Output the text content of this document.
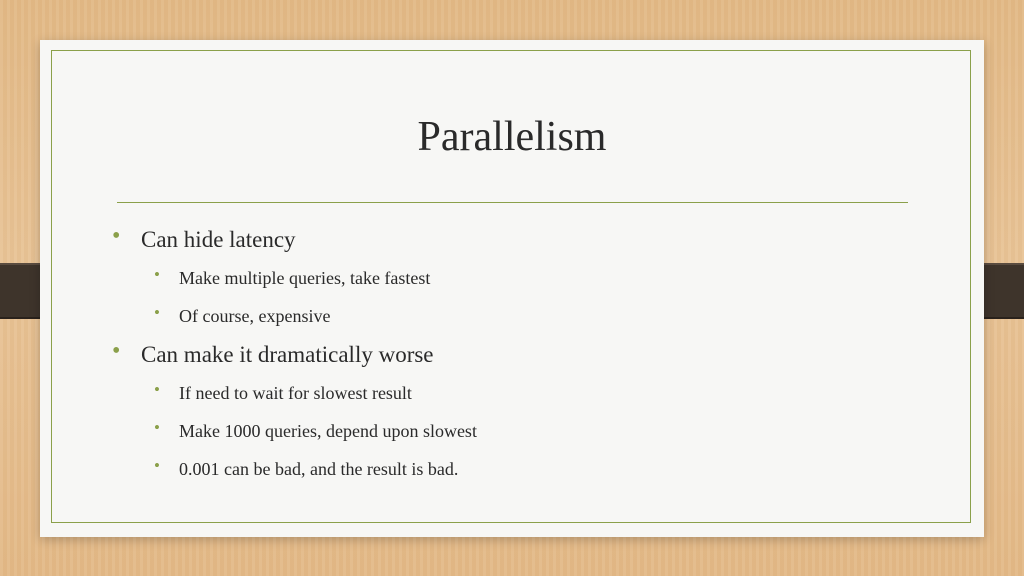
Parallelism
• Can hide latency
• Make multiple queries, take fastest
• Of course, expensive
• Can make it dramatically worse
• If need to wait for slowest result
• Make 1000 queries, depend upon slowest
• 0.001 can be bad, and the result is bad.
